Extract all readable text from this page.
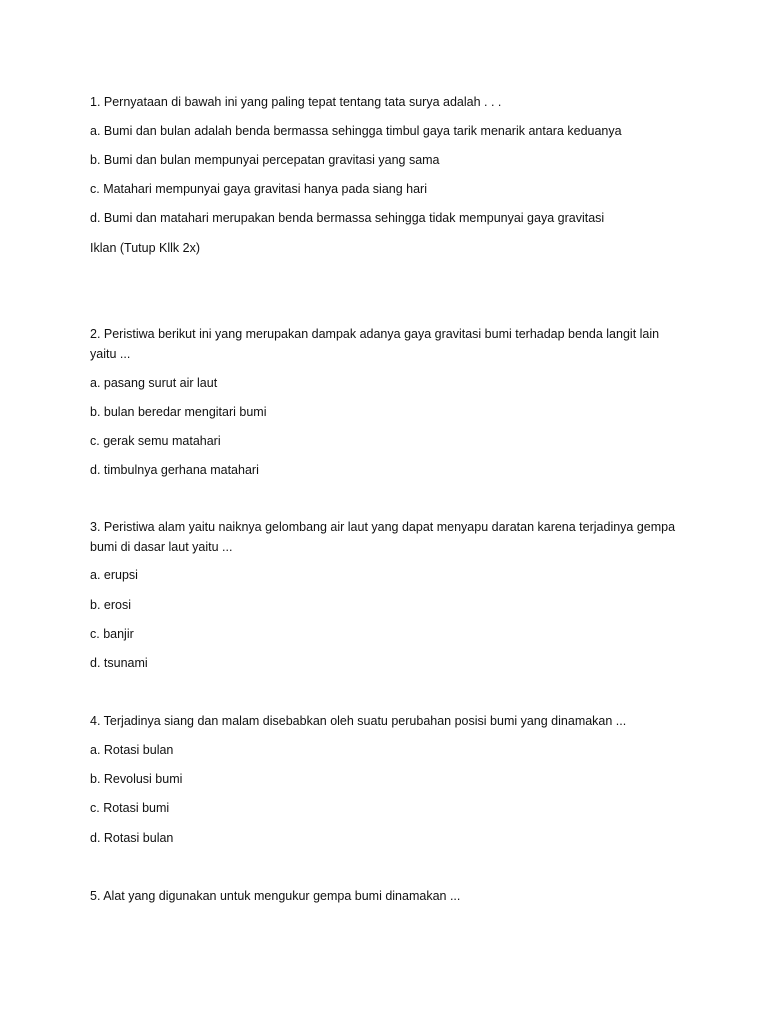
1. Pernyataan di bawah ini yang paling tepat tentang tata surya adalah . . .
a. Bumi dan bulan adalah benda bermassa sehingga timbul gaya tarik menarik antara keduanya
b. Bumi dan bulan mempunyai percepatan gravitasi yang sama
c. Matahari mempunyai gaya gravitasi hanya pada siang hari
d. Bumi dan matahari merupakan benda bermassa sehingga tidak mempunyai gaya gravitasi
Iklan (Tutup Kllk 2x)
2. Peristiwa berikut ini yang merupakan dampak adanya gaya gravitasi bumi terhadap benda langit lain yaitu ...
a. pasang surut air laut
b. bulan beredar mengitari bumi
c. gerak semu matahari
d. timbulnya gerhana matahari
3. Peristiwa alam yaitu naiknya gelombang air laut yang dapat menyapu daratan karena terjadinya gempa bumi di dasar laut yaitu ...
a. erupsi
b. erosi
c. banjir
d. tsunami
4. Terjadinya siang dan malam disebabkan oleh suatu perubahan posisi bumi yang dinamakan ...
a. Rotasi bulan
b. Revolusi bumi
c. Rotasi bumi
d. Rotasi bulan
5. Alat yang digunakan untuk mengukur gempa bumi dinamakan ...
